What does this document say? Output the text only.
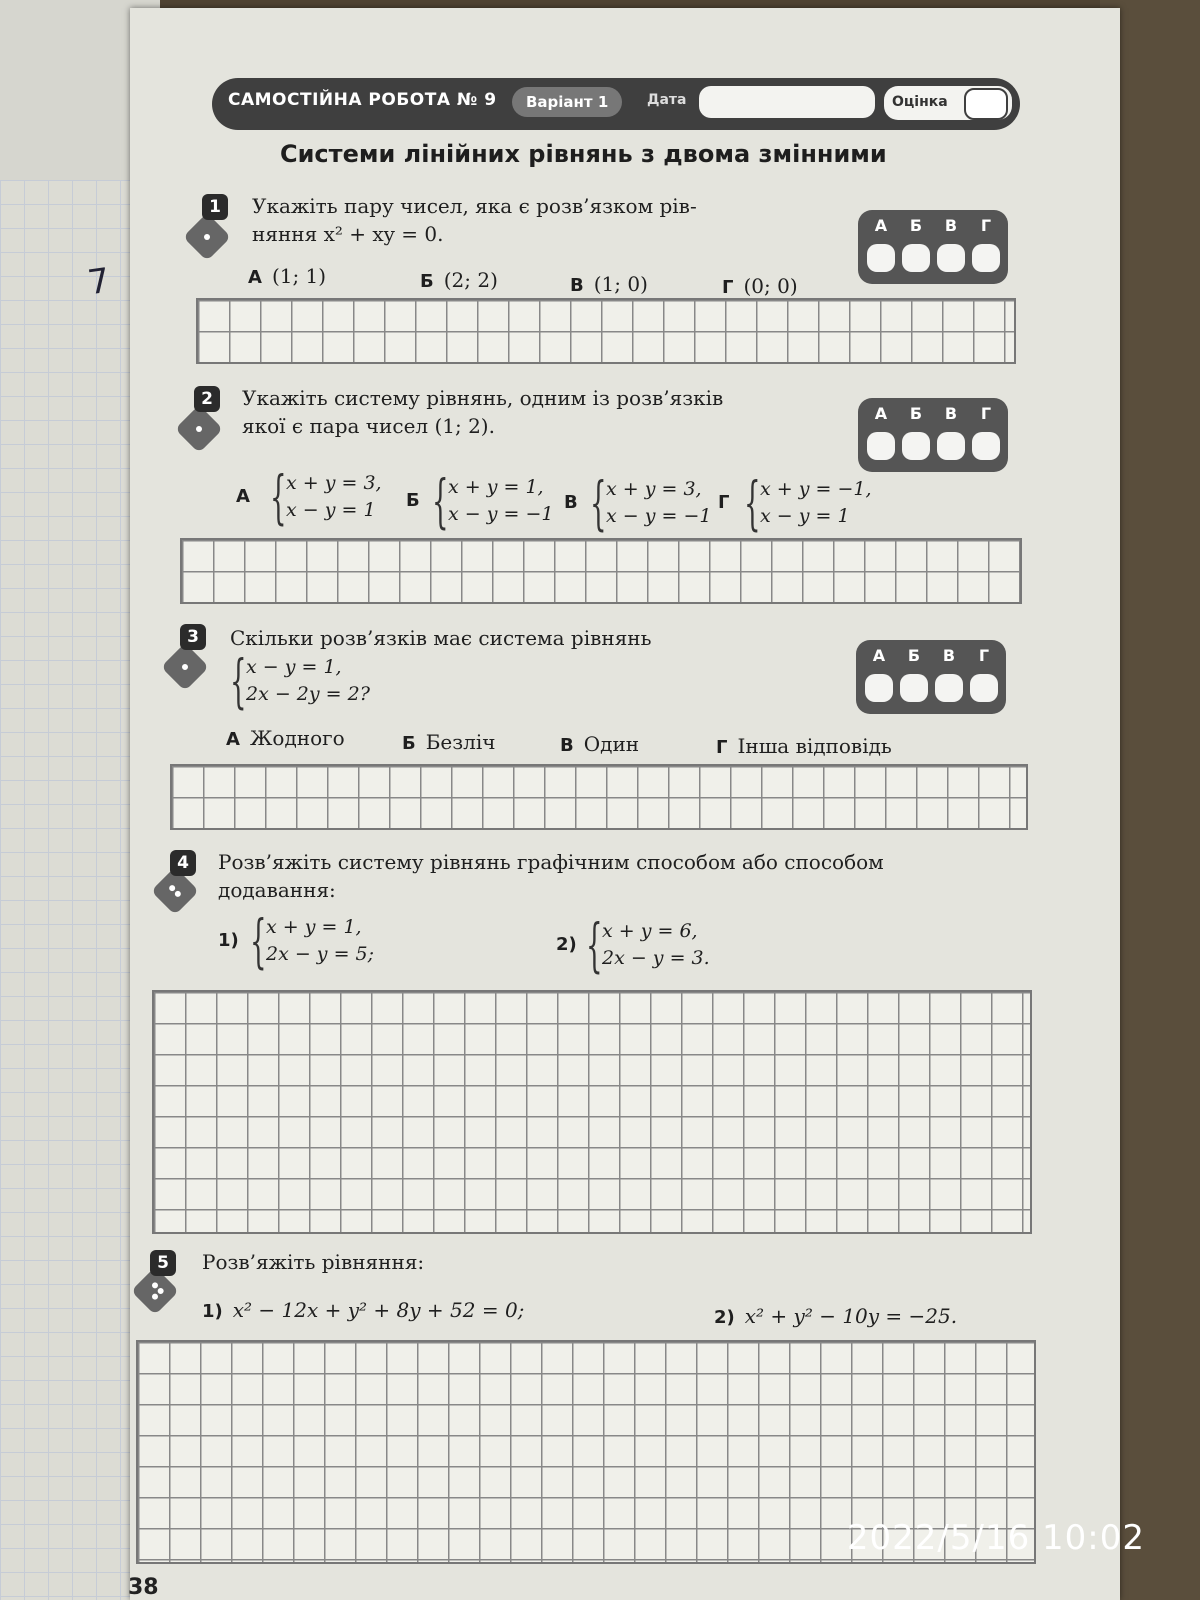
7
САМОСТІЙНА РОБОТА № 9	Варіант 1	Дата	Оцінка
Системи лінійних рівнянь з двома змінними
1	Укажіть пару чисел, яка є розв’язком рів-
няння x² + xy = 0.	А	Б	В	Г
А (1; 1)	Б (2; 2)	В (1; 0)	Г (0; 0)
2	Укажіть систему рівнянь, одним із розв’язків
якої є пара чисел (1; 2).
А	Б	В	Г
А { x + y = 3,
x − y = 1	Б { x + y = 1,
x − y = −1
В { x + y = 3,
x − y = −1
Г { x + y = −1,
x − y = 1
3	Скільки розв’язків має система рівнянь
{ x − y = 1,
2x − 2y = 2?
А	Б	В	Г
А Жодного	Б Безліч	В Один	Г Інша відповідь
4	Розв’яжіть систему рівнянь графічним способом або способом
додавання:
1) { x + y = 1,
2x − y = 5;	2) { x + y = 6,
2x − y = 3.
5	Розв’яжіть рівняння:
1) x² − 12x + y² + 8y + 52 = 0;	2) x² + y² − 10y = −25.
38
2022/5/16 10:02
